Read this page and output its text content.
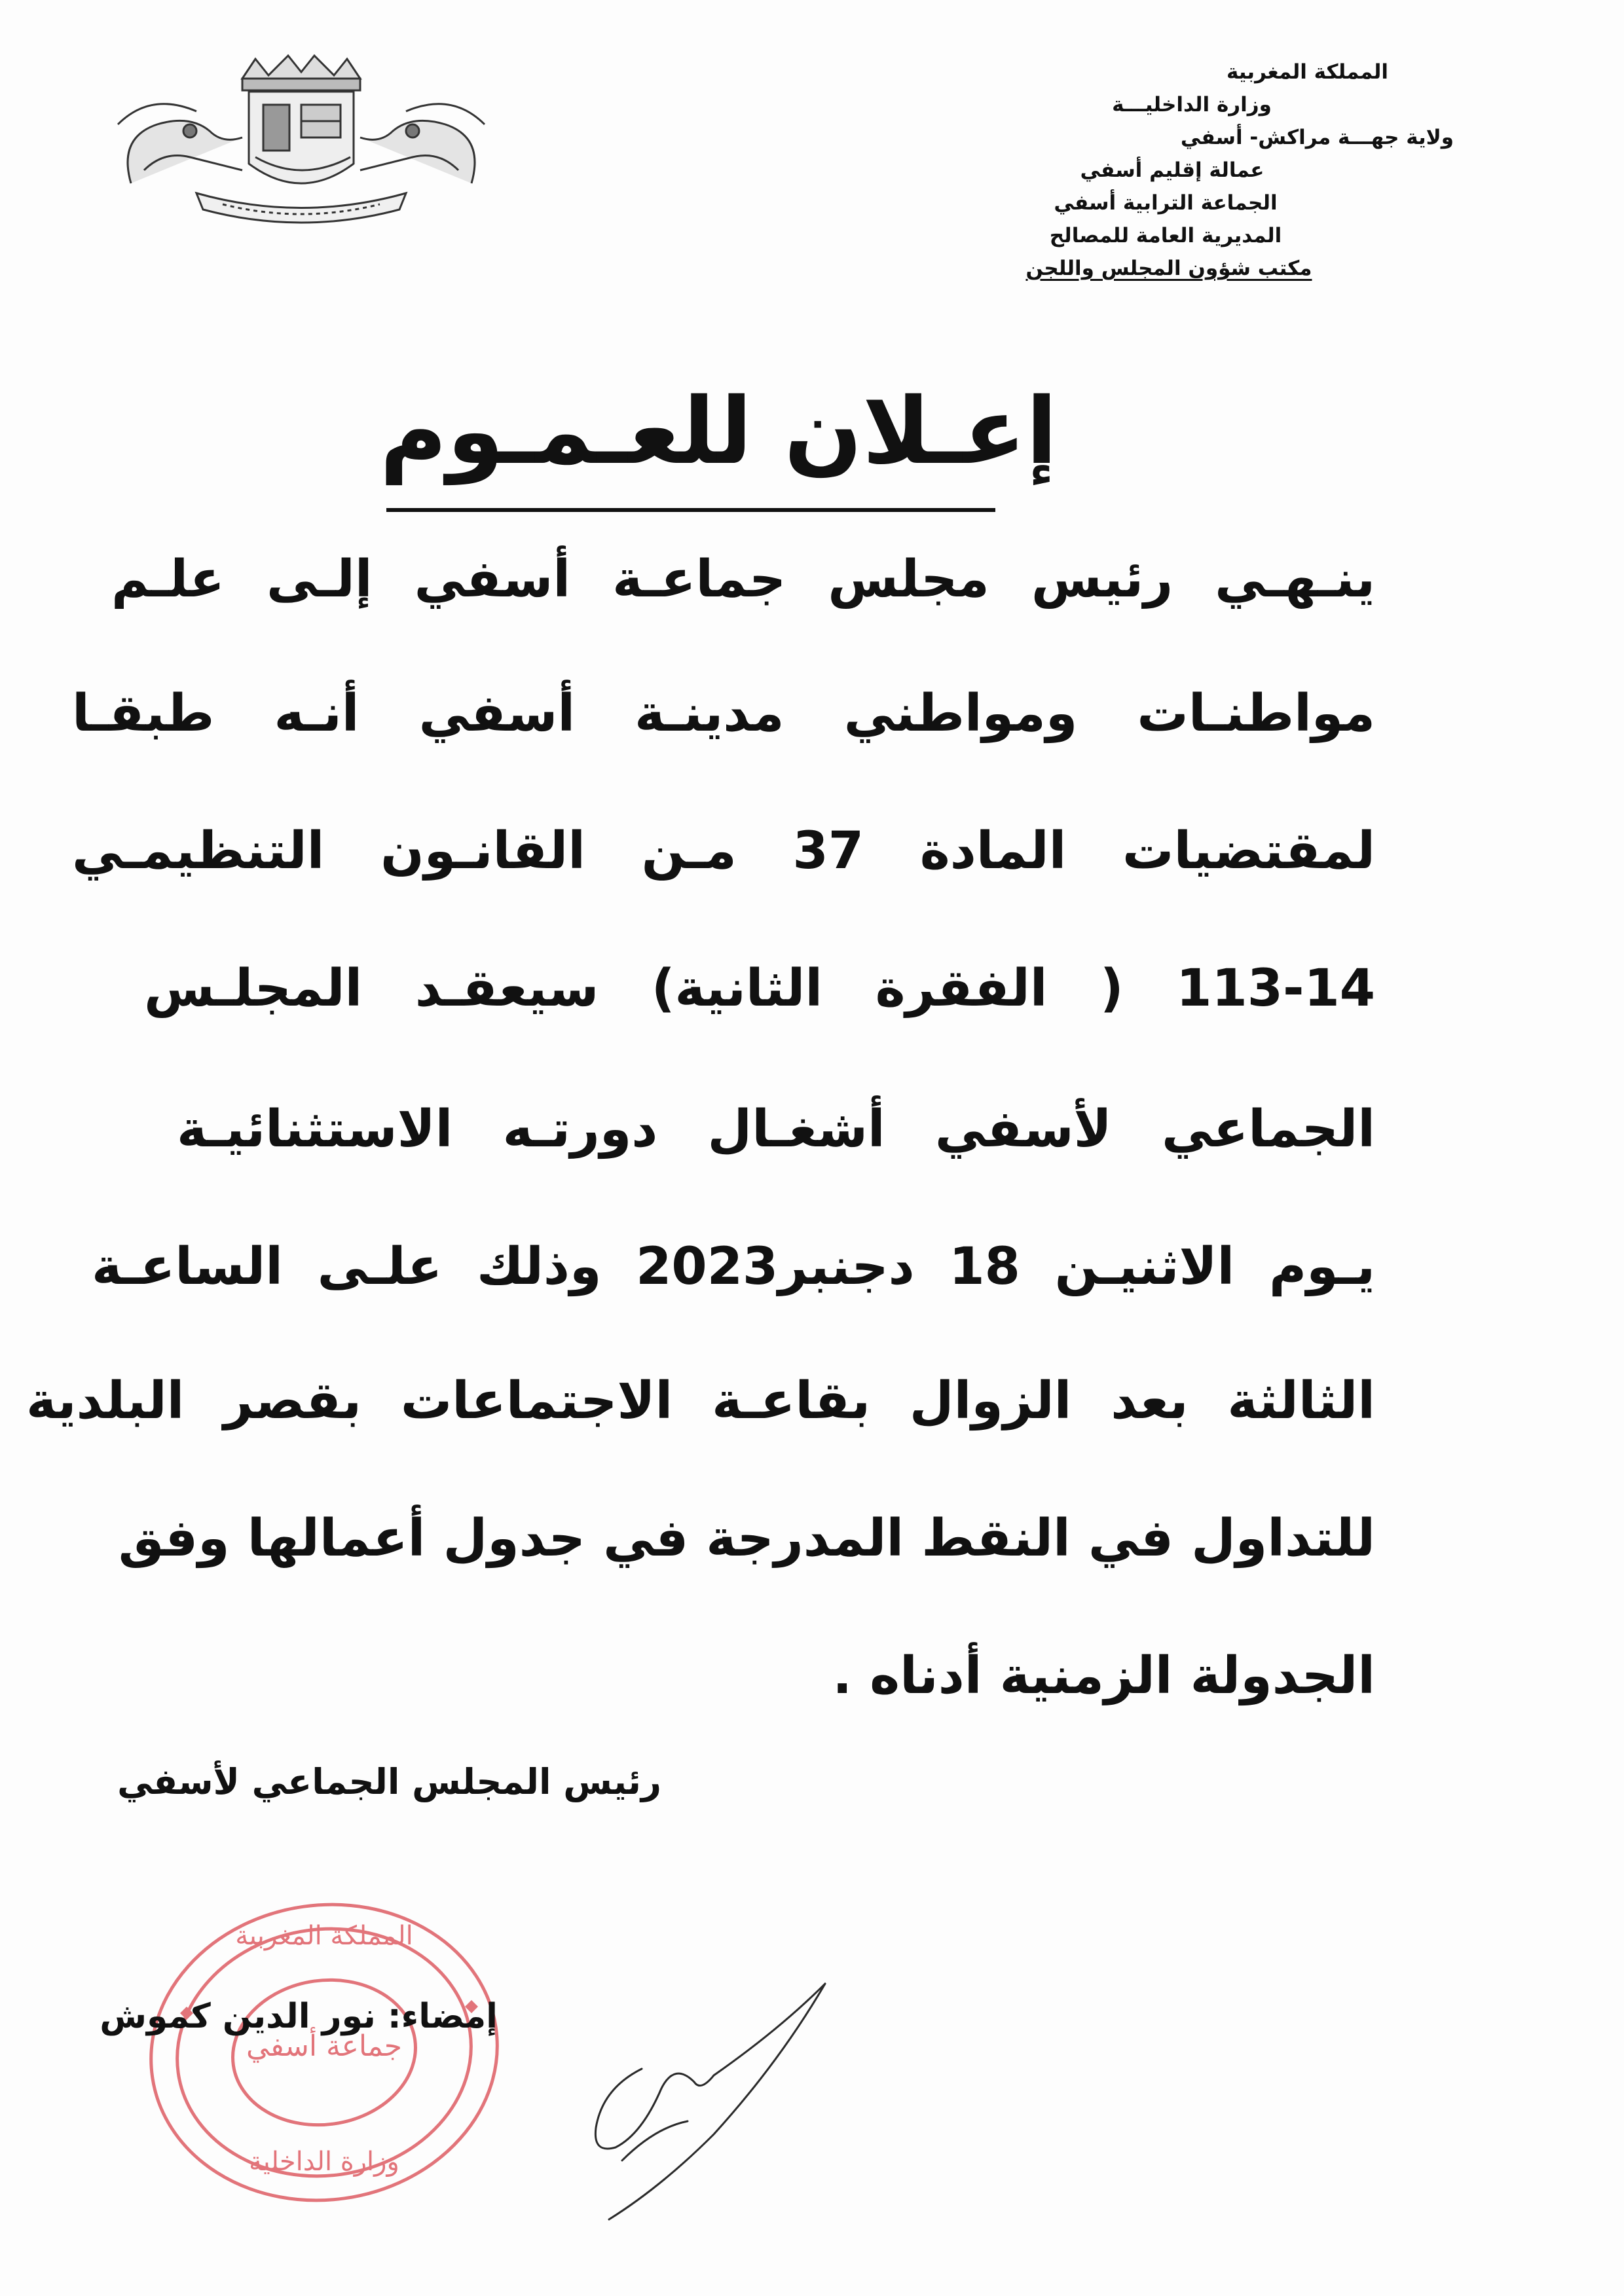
المملكة المغربية
وزارة الداخليـــة
ولاية جهـــة مراكش- أسفي
عمالة إقليم أسفي
الجماعة الترابية أسفي
المديرية العامة للمصالح
مكتب شؤون المجلس واللجن
إعـلان للعـمـوم
ينـهـي رئيس مجلس جماعـة أسفي إلـى علـم
مواطنـات ومواطني مدينـة أسفي أنـه طبقـا
لمقتضيات المادة 37 مـن القانـون التنظيمـي
113-14 ( الفقرة الثانية) سيعقـد المجلـس
الجماعي لأسفي أشغـال دورتـه الاستثنائيـة
يـوم الاثنيـن 18 دجنبر2023 وذلك علـى الساعـة
الثالثة بعد الزوال بقاعـة الاجتماعات بقصر البلدية
للتداول في النقط المدرجة في جدول أعمالها وفق
الجدولة الزمنية أدناه .
رئيس المجلس الجماعي لأسفي
المملكة المغربية
جماعة أسفي
وزارة الداخلية
إمضاء: نور الدين كموش
